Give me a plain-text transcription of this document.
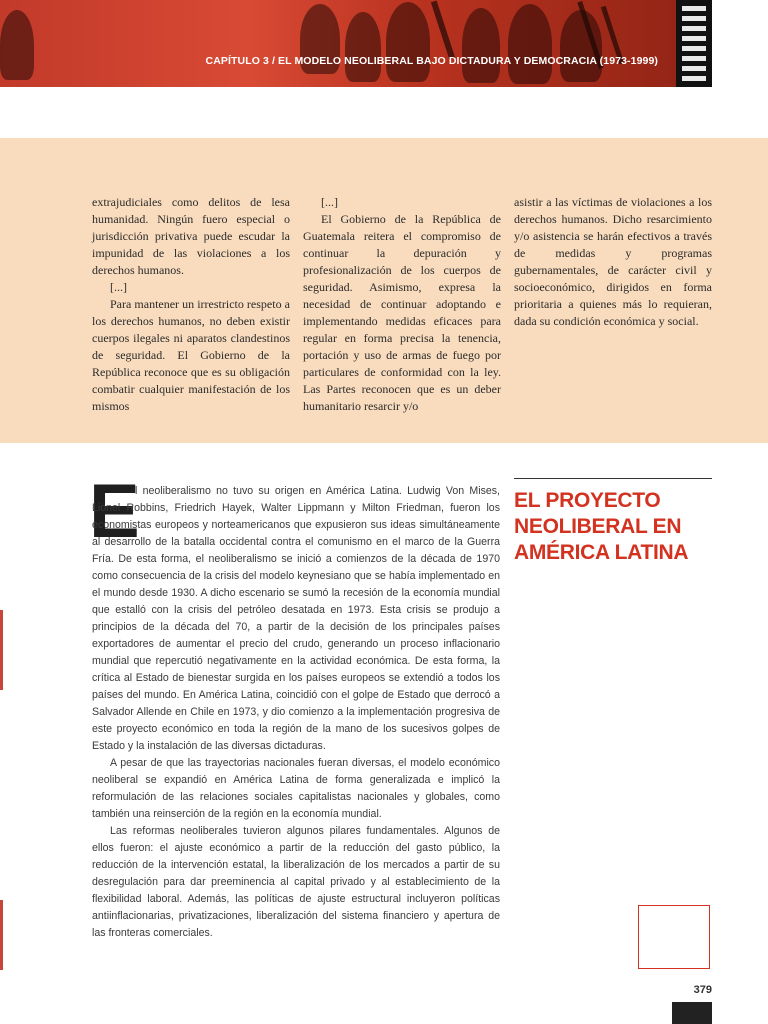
CAPÍTULO 3 / EL MODELO NEOLIBERAL BAJO DICTADURA Y DEMOCRACIA (1973-1999)

extrajudiciales como delitos de lesa humanidad. Ningún fuero especial o jurisdicción privativa puede escudar la impunidad de las violaciones a los derechos humanos.

[...]

Para mantener un irrestricto respeto a los derechos humanos, no deben existir cuerpos ilegales ni aparatos clandestinos de seguridad. El Gobierno de la República reconoce que es su obligación combatir cualquier manifestación de los mismos

[...]

El Gobierno de la República de Guatemala reitera el compromiso de continuar la depuración y profesionalización de los cuerpos de seguridad. Asimismo, expresa la necesidad de continuar adoptando e implementando medidas eficaces para regular en forma precisa la tenencia, portación y uso de armas de fuego por particulares de conformidad con la ley. Las Partes reconocen que es un deber humanitario resarcir y/o

asistir a las víctimas de violaciones a los derechos humanos. Dicho resarcimiento y/o asistencia se harán efectivos a través de medidas y programas gubernamentales, de carácter civil y socioeconómico, dirigidos en forma prioritaria a quienes más lo requieran, dada su condición económica y social.

E

l neoliberalismo no tuvo su origen en América Latina. Ludwig Von Mises, Lionel Robbins, Friedrich Hayek, Walter Lippmann y Milton Friedman, fueron los economistas europeos y norteamericanos que expusieron sus ideas simultáneamente al desarrollo de la batalla occidental contra el comunismo en el marco de la Guerra Fría. De esta forma, el neoliberalismo se inició a comienzos de la década de 1970 como consecuencia de la crisis del modelo keynesiano que se había implementado en el mundo desde 1930. A dicho escenario se sumó la recesión de la economía mundial que estalló con la crisis del petróleo desatada en 1973. Esta crisis se produjo a principios de la década del 70, a partir de la decisión de los principales países exportadores de aumentar el precio del crudo, generando un proceso inflacionario mundial que repercutió negativamente en la actividad económica. De esta forma, la crítica al Estado de bienestar surgida en los países europeos se extendió a todos los países del mundo. En América Latina, coincidió con el golpe de Estado que derrocó a Salvador Allende en Chile en 1973, y dio comienzo a la implementación progresiva de este proyecto económico en toda la región de la mano de los sucesivos golpes de Estado y la instalación de las diversas dictaduras.

A pesar de que las trayectorias nacionales fueran diversas, el modelo económico neoliberal se expandió en América Latina de forma generalizada e implicó la reformulación de las relaciones sociales capitalistas nacionales y globales, como también una reinserción de la región en la economía mundial.

Las reformas neoliberales tuvieron algunos pilares fundamentales. Algunos de ellos fueron: el ajuste económico a partir de la reducción del gasto público, la reducción de la intervención estatal, la liberalización de los mercados a partir de su desregulación para dar preeminencia al capital privado y al establecimiento de la flexibilidad laboral. Además, las políticas de ajuste estructural incluyeron políticas antiinflacionarias, privatizaciones, liberalización del sistema financiero y apertura de las fronteras comerciales.

EL PROYECTO NEOLIBERAL EN AMÉRICA LATINA
379
